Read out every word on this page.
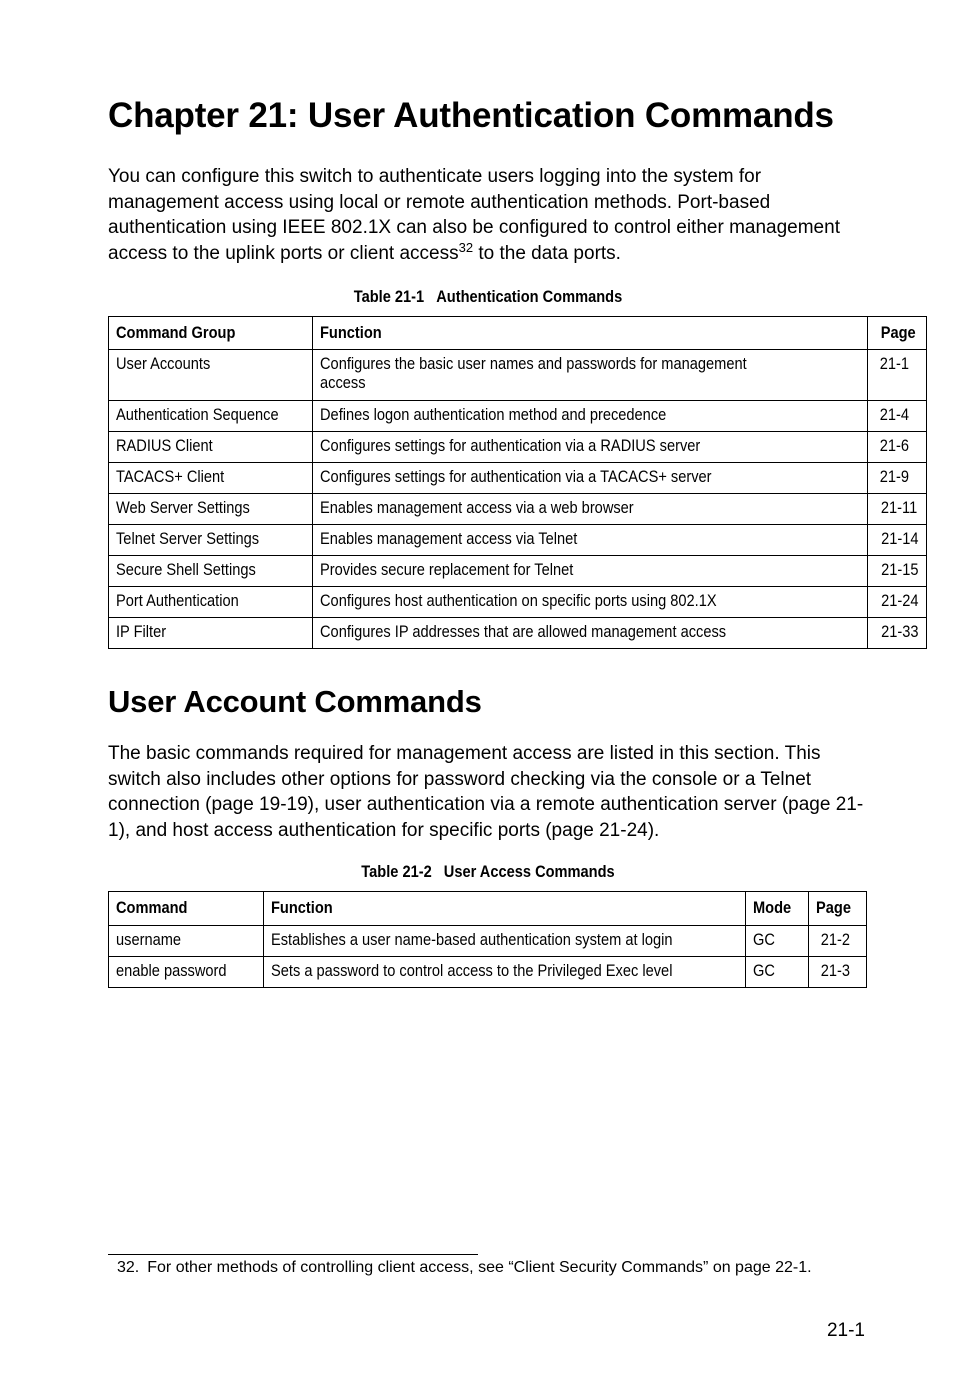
Chapter 21: User Authentication Commands

You can configure this switch to authenticate users logging into the system for management access using local or remote authentication methods. Port-based authentication using IEEE 802.1X can also be configured to control either management access to the uplink ports or client access$^{32}$ to the data ports.

Table 21-1 Authentication Commands
Command Group	Function	Page
User Accounts	Configures the basic user names and passwords for management access	21-1
Authentication Sequence	Defines logon authentication method and precedence	21-4
RADIUS Client	Configures settings for authentication via a RADIUS server	21-6
TACACS+ Client	Configures settings for authentication via a TACACS+ server	21-9
Web Server Settings	Enables management access via a web browser	21-11
Telnet Server Settings	Enables management access via Telnet	21-14
Secure Shell Settings	Provides secure replacement for Telnet	21-15
Port Authentication	Configures host authentication on specific ports using 802.1X	21-24
IP Filter	Configures IP addresses that are allowed management access	21-33
User Account Commands

The basic commands required for management access are listed in this section. This switch also includes other options for password checking via the console or a Telnet connection (page 19-19), user authentication via a remote authentication server (page 21-1), and host access authentication for specific ports (page 21-24).

Table 21-2 User Access Commands
Command	Function	Mode	Page
username	Establishes a user name-based authentication system at login	GC	21-2
enable password	Sets a password to control access to the Privileged Exec level	GC	21-3

32. For other methods of controlling client access, see “Client Security Commands” on page 22-1.

21-1
